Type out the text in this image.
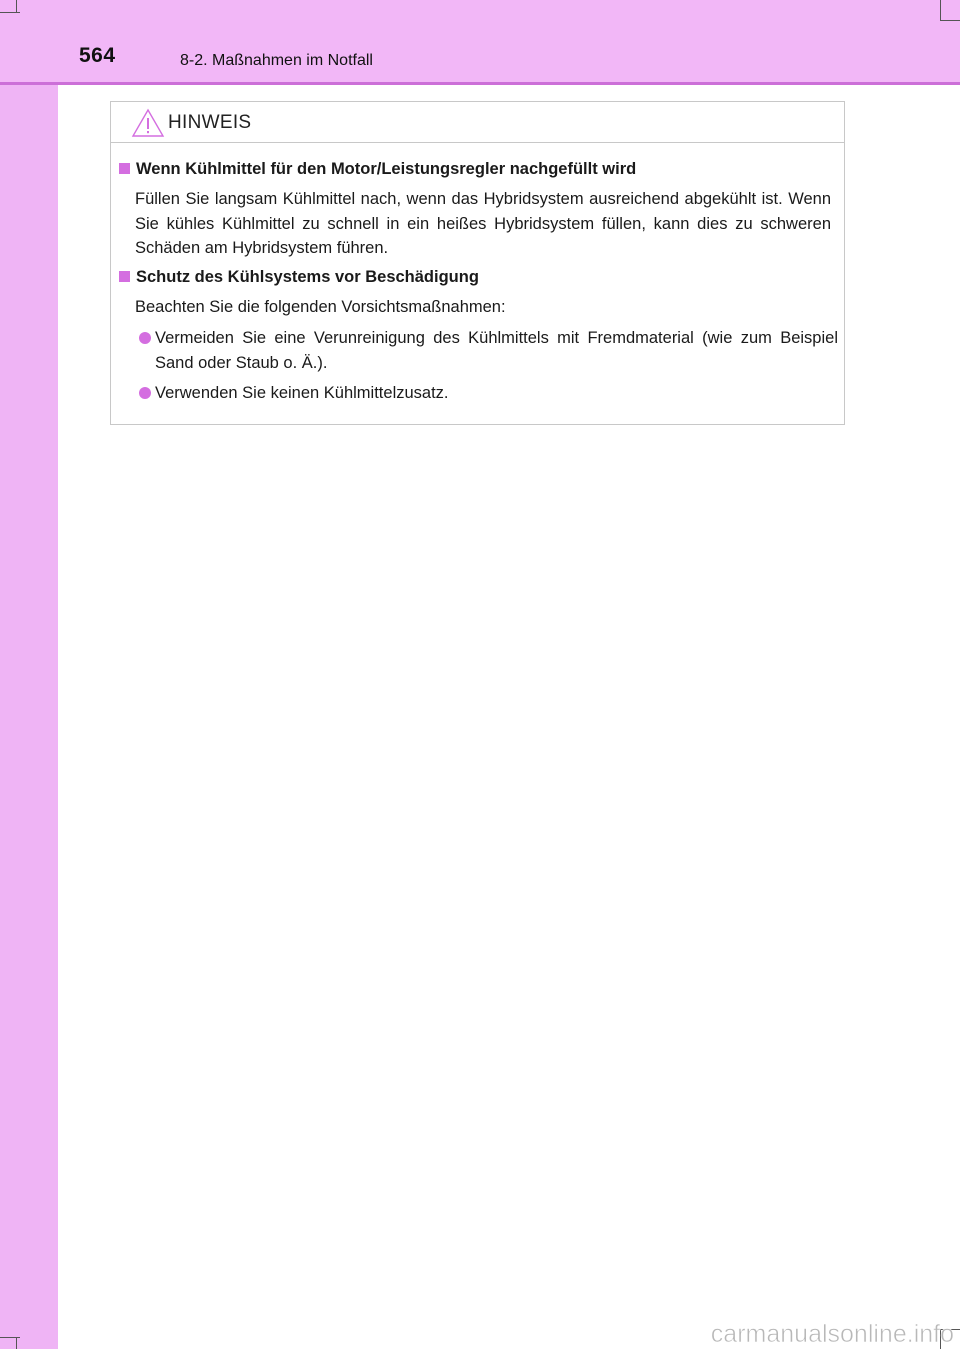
564	8-2. Maßnahmen im Notfall
HINWEIS
Wenn Kühlmittel für den Motor/Leistungsregler nachgefüllt wird
Füllen Sie langsam Kühlmittel nach, wenn das Hybridsystem ausreichend abgekühlt ist. Wenn Sie kühles Kühlmittel zu schnell in ein heißes Hybridsystem füllen, kann dies zu schweren Schäden am Hybridsystem führen.
Schutz des Kühlsystems vor Beschädigung
Beachten Sie die folgenden Vorsichtsmaßnahmen:
Vermeiden Sie eine Verunreinigung des Kühlmittels mit Fremdmaterial (wie zum Beispiel Sand oder Staub o. Ä.).
Verwenden Sie keinen Kühlmittelzusatz.
carmanualsonline.info
